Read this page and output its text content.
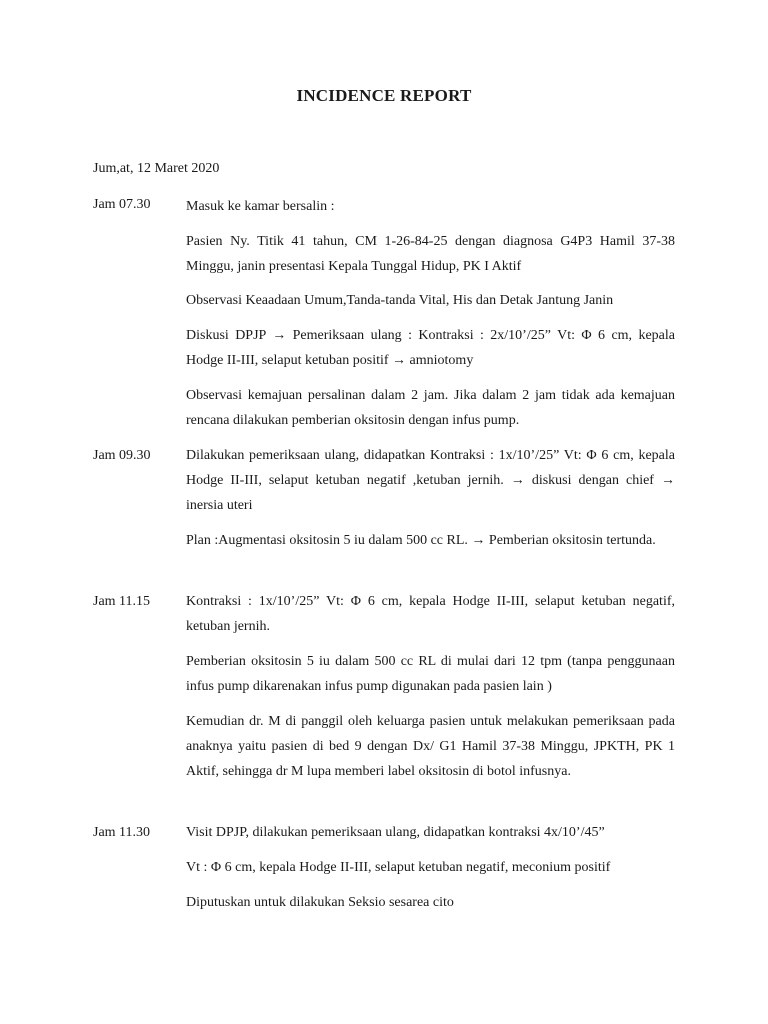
INCIDENCE REPORT
Jum,at, 12 Maret 2020
Jam 07.30	Masuk ke kamar bersalin :
Pasien Ny. Titik 41 tahun, CM 1-26-84-25 dengan diagnosa G4P3 Hamil 37-38 Minggu, janin presentasi Kepala Tunggal Hidup, PK I Aktif
Observasi Keaadaan Umum,Tanda-tanda Vital, His dan Detak Jantung Janin
Diskusi DPJP → Pemeriksaan ulang : Kontraksi : 2x/10’/25” Vt: Φ 6 cm, kepala Hodge II-III, selaput ketuban positif → amniotomy
Observasi kemajuan persalinan dalam 2 jam. Jika dalam 2 jam tidak ada kemajuan rencana dilakukan pemberian oksitosin dengan infus pump.
Jam 09.30	Dilakukan pemeriksaan ulang, didapatkan Kontraksi : 1x/10’/25” Vt: Φ 6 cm, kepala Hodge II-III, selaput ketuban negatif ,ketuban jernih. → diskusi dengan chief → inersia uteri
Plan :Augmentasi oksitosin 5 iu dalam 500 cc RL. → Pemberian oksitosin tertunda.
Jam 11.15	Kontraksi : 1x/10’/25” Vt: Φ 6 cm, kepala Hodge II-III, selaput ketuban negatif, ketuban jernih.
Pemberian oksitosin 5 iu dalam 500 cc RL di mulai dari 12 tpm (tanpa penggunaan infus pump dikarenakan infus pump digunakan pada pasien lain )
Kemudian dr. M di panggil oleh keluarga pasien untuk melakukan pemeriksaan pada anaknya yaitu pasien di bed 9 dengan Dx/ G1 Hamil 37-38 Minggu, JPKTH, PK 1 Aktif, sehingga dr M lupa memberi label oksitosin di botol infusnya.
Jam 11.30	Visit DPJP, dilakukan pemeriksaan ulang, didapatkan kontraksi 4x/10’/45”
Vt : Φ 6 cm, kepala Hodge II-III, selaput ketuban negatif, meconium positif
Diputuskan untuk dilakukan Seksio sesarea cito
